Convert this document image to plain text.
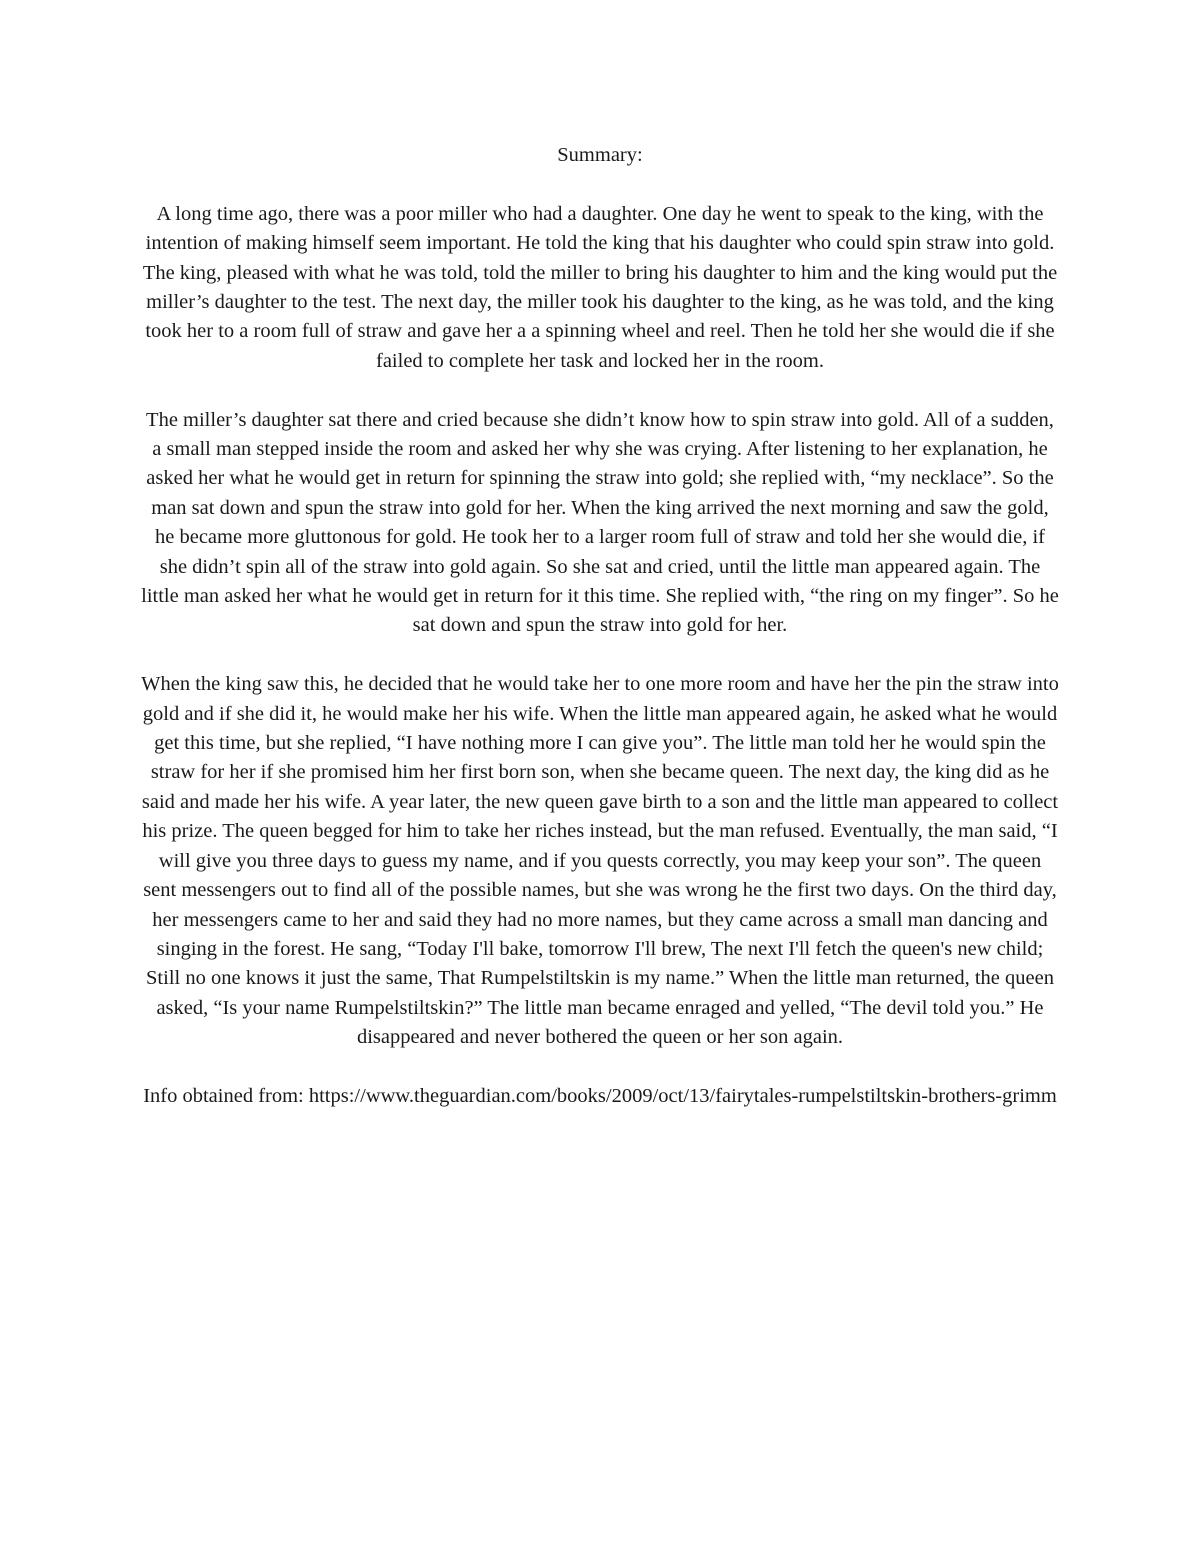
Summary:

A long time ago, there was a poor miller who had a daughter. One day he went to speak to the king, with the intention of making himself seem important. He told the king that his daughter who could spin straw into gold. The king, pleased with what he was told, told the miller to bring his daughter to him and the king would put the miller’s daughter to the test. The next day, the miller took his daughter to the king, as he was told, and the king took her to a room full of straw and gave her a a spinning wheel and reel. Then he told her she would die if she failed to complete her task and locked her in the room.

The miller’s daughter sat there and cried because she didn’t know how to spin straw into gold. All of a sudden, a small man stepped inside the room and asked her why she was crying. After listening to her explanation, he asked her what he would get in return for spinning the straw into gold; she replied with, “my necklace”. So the man sat down and spun the straw into gold for her. When the king arrived the next morning and saw the gold, he became more gluttonous for gold. He took her to a larger room full of straw and told her she would die, if she didn’t spin all of the straw into gold again. So she sat and cried, until the little man appeared again. The little man asked her what he would get in return for it this time. She replied with, “the ring on my finger”. So he sat down and spun the straw into gold for her.

When the king saw this, he decided that he would take her to one more room and have her the pin the straw into gold and if she did it, he would make her his wife. When the little man appeared again, he asked what he would get this time, but she replied, “I have nothing more I can give you”. The little man told her he would spin the straw for her if she promised him her first born son, when she became queen. The next day, the king did as he said and made her his wife. A year later, the new queen gave birth to a son and the little man appeared to collect his prize. The queen begged for him to take her riches instead, but the man refused. Eventually, the man said, “I will give you three days to guess my name, and if you quests correctly, you may keep your son”. The queen sent messengers out to find all of the possible names, but she was wrong he the first two days. On the third day, her messengers came to her and said they had no more names, but they came across a small man dancing and singing in the forest. He sang, “Today I'll bake, tomorrow I'll brew, The next I'll fetch the queen's new child; Still no one knows it just the same, That Rumpelstiltskin is my name.” When the little man returned, the queen asked, “Is your name Rumpelstiltskin?” The little man became enraged and yelled, “The devil told you.” He disappeared and never bothered the queen or her son again.

Info obtained from: https://www.theguardian.com/books/2009/oct/13/fairytales-rumpelstiltskin-brothers-grimm
